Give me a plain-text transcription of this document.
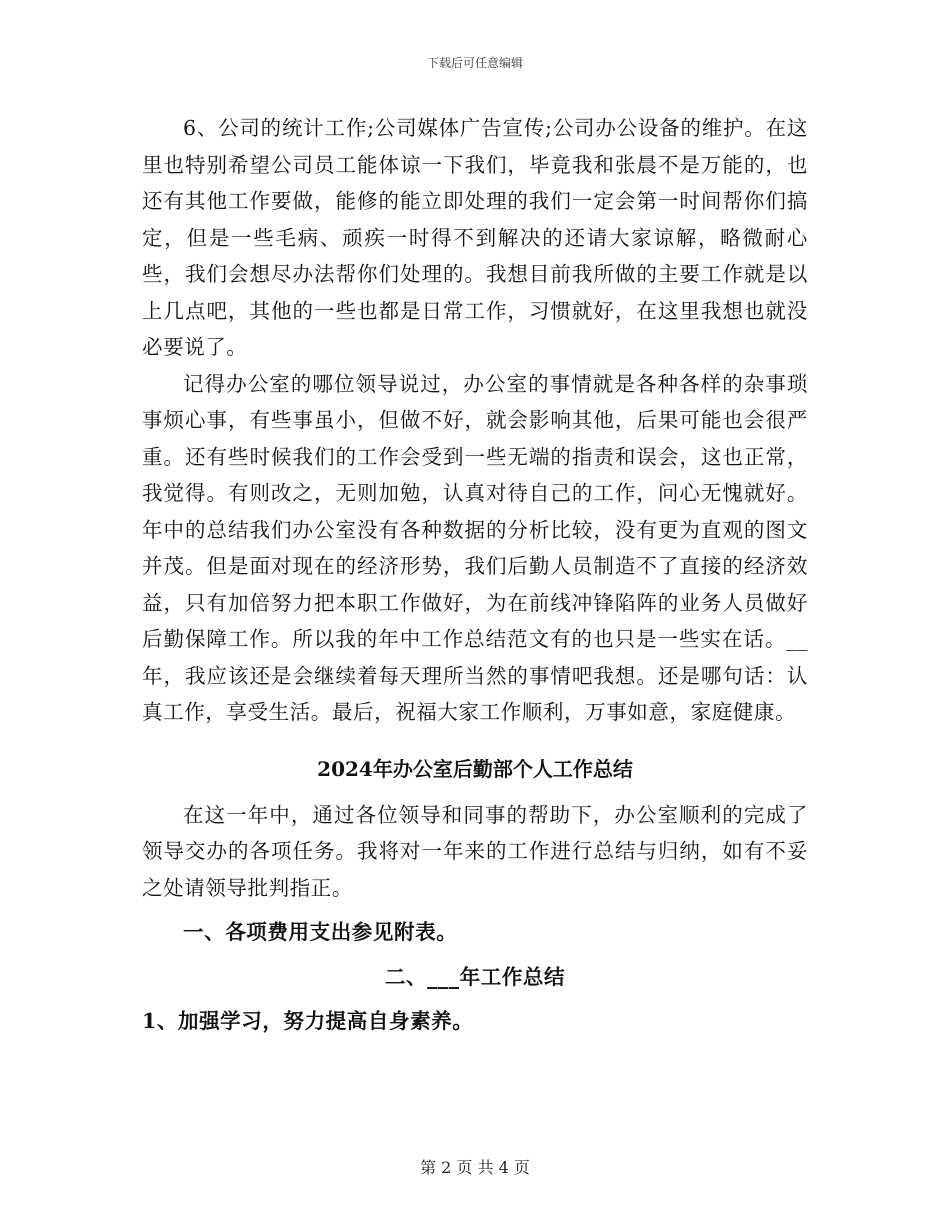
下载后可任意编辑

6、公司的统计工作;公司媒体广告宣传;公司办公设备的维护。在这里也特别希望公司员工能体谅一下我们，毕竟我和张晨不是万能的，也还有其他工作要做，能修的能立即处理的我们一定会第一时间帮你们搞定，但是一些毛病、顽疾一时得不到解决的还请大家谅解，略微耐心些，我们会想尽办法帮你们处理的。我想目前我所做的主要工作就是以上几点吧，其他的一些也都是日常工作，习惯就好，在这里我想也就没必要说了。

记得办公室的哪位领导说过，办公室的事情就是各种各样的杂事琐事烦心事，有些事虽小，但做不好，就会影响其他，后果可能也会很严重。还有些时候我们的工作会受到一些无端的指责和误会，这也正常，我觉得。有则改之，无则加勉，认真对待自己的工作，问心无愧就好。年中的总结我们办公室没有各种数据的分析比较，没有更为直观的图文并茂。但是面对现在的经济形势，我们后勤人员制造不了直接的经济效益，只有加倍努力把本职工作做好，为在前线冲锋陷阵的业务人员做好后勤保障工作。所以我的年中工作总结范文有的也只是一些实在话。__年，我应该还是会继续着每天理所当然的事情吧我想。还是哪句话：认真工作，享受生活。最后，祝福大家工作顺利，万事如意，家庭健康。

2024年办公室后勤部个人工作总结

在这一年中，通过各位领导和同事的帮助下，办公室顺利的完成了领导交办的各项任务。我将对一年来的工作进行总结与归纳，如有不妥之处请领导批判指正。

一、各项费用支出参见附表。
二、___年工作总结
1、加强学习，努力提高自身素养。
第 2 页 共 4 页
